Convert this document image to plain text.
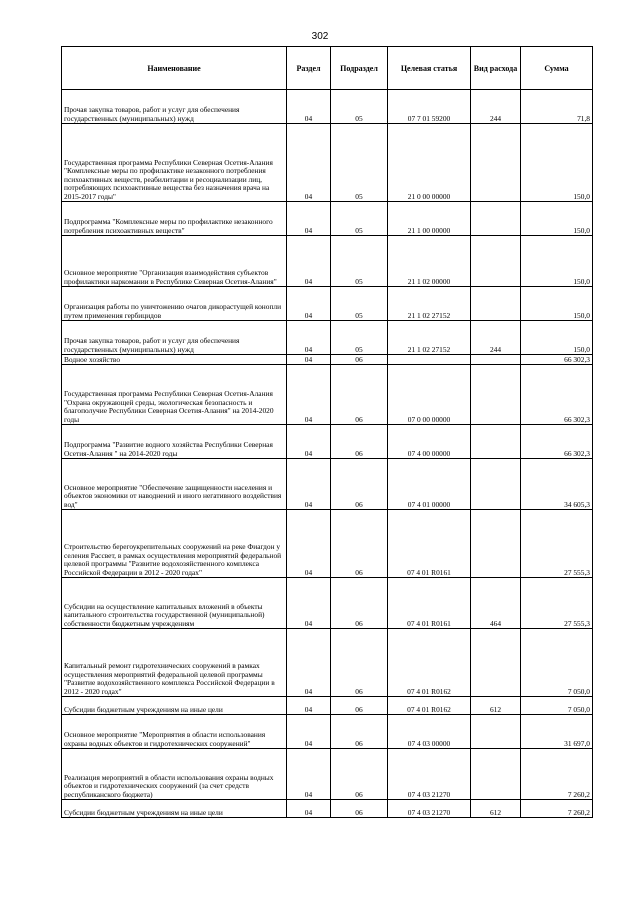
302
Наименование	Раздел	Подраздел	Целевая статья	Вид расхода	Сумма
Прочая закупка товаров, работ и услуг для обеспечения государственных (муниципальных) нужд	04	05	07 7 01 59200	244	71,8
Государственная программа Республики Северная Осетия-Алания "Комплексные меры по профилактике незаконного потребления психоактивных веществ, реабилитации и ресоциализации лиц, потребляющих психоактивные вещества без назначения врача на 2015-2017 годы"	04	05	21 0 00 00000		150,0
Подпрограмма "Комплексные меры по профилактике незаконного потребления психоактивных веществ"	04	05	21 1 00 00000		150,0
Основное мероприятие "Организация взаимодействия субъектов профилактики наркомании в Республике Северная Осетия-Алания"	04	05	21 1 02 00000		150,0
Организация работы по уничтожению очагов дикорастущей конопли путем применения гербицидов	04	05	21 1 02 27152		150,0
Прочая закупка товаров, работ и услуг для обеспечения государственных (муниципальных) нужд	04	05	21 1 02 27152	244	150,0
Водное хозяйство	04	06			66 302,3
Государственная программа Республики Северная Осетия-Алания "Охрана окружающей среды, экологическая безопасность и благополучие Республики Северная Осетия-Алания" на 2014-2020 годы	04	06	07 0 00 00000		66 302,3
Подпрограмма "Развитие водного хозяйства Республики Северная Осетия-Алания " на 2014-2020 годы	04	06	07 4 00 00000		66 302,3
Основное мероприятие "Обеспечение защищенности населения и объектов экономики от наводнений и иного негативного воздействия вод"	04	06	07 4 01 00000		34 605,3
Строительство берегоукрепительных сооружений на реке Фиагдон у селения Рассвет, в рамках осуществления мероприятий федеральной целевой программы "Развитие водохозяйственного комплекса Российской Федерации в 2012 - 2020 годах"	04	06	07 4 01 R0161		27 555,3
Субсидии на осуществление капитальных вложений в объекты капитального строительства государственной (муниципальной) собственности бюджетным учреждениям	04	06	07 4 01 R0161	464	27 555,3
Капитальный ремонт гидротехнических сооружений в рамках осуществления мероприятий федеральной целевой программы "Развитие водохозяйственного комплекса Российской Федерации в 2012 - 2020 годах"	04	06	07 4 01 R0162		7 050,0
Субсидии бюджетным учреждениям на иные цели	04	06	07 4 01 R0162	612	7 050,0
Основное мероприятие "Мероприятия в области использования охраны водных объектов и гидротехнических сооружений"	04	06	07 4 03 00000		31 697,0
Реализация мероприятий в области использования охраны водных объектов и гидротехнических сооружений (за счет средств республиканского бюджета)	04	06	07 4 03 21270		7 260,2
Субсидии бюджетным учреждениям на иные цели	04	06	07 4 03 21270	612	7 260,2
